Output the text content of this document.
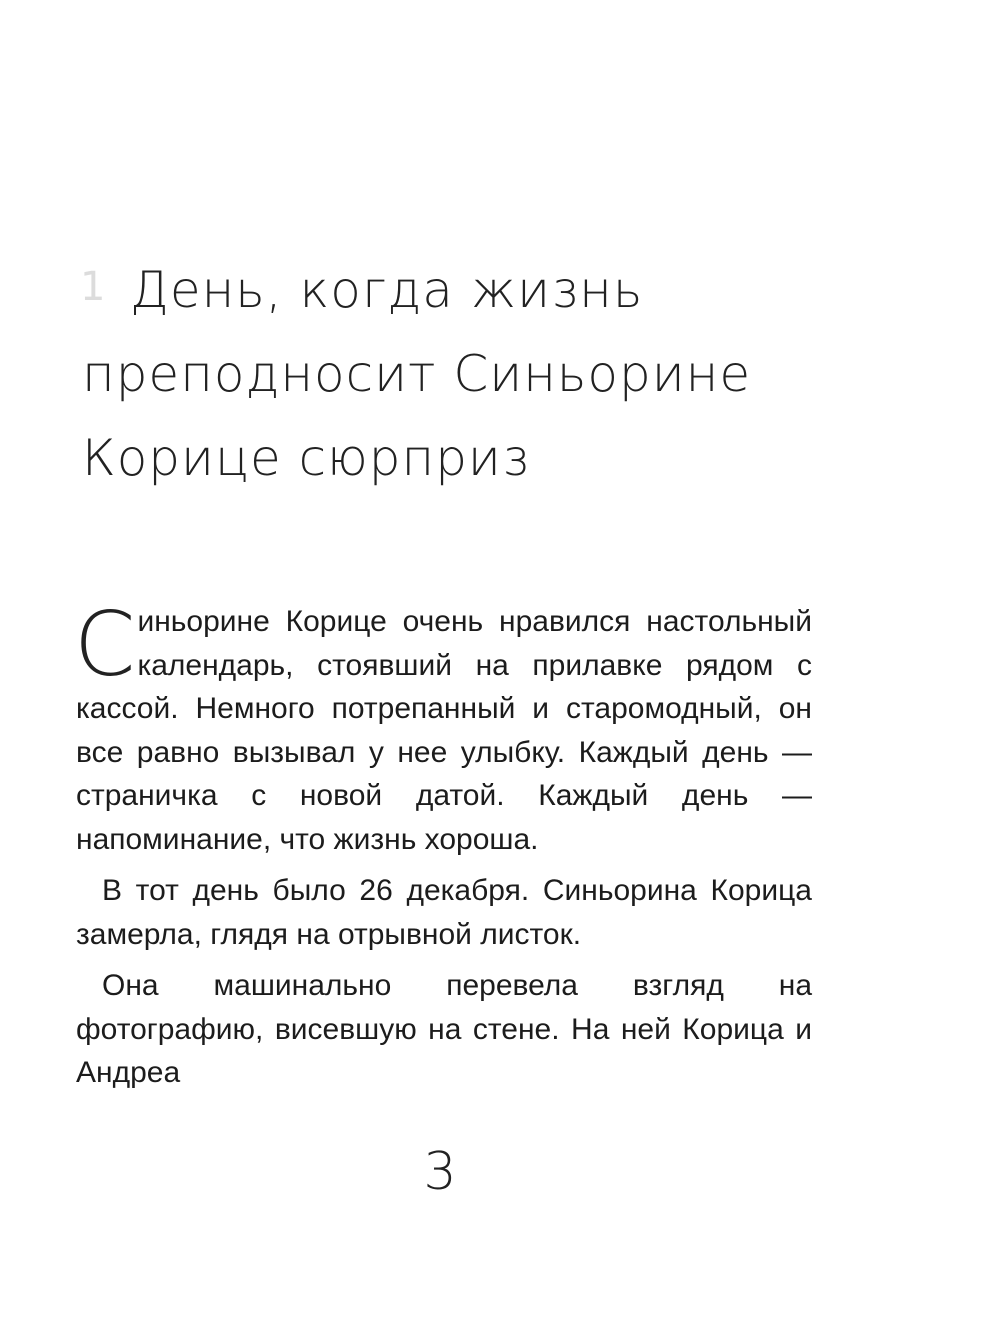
1 День, когда жизнь
преподносит Синьорине
Корице сюрприз

Синьорине Корице очень нравился настольный календарь, стоявший на прилавке рядом с кассой. Немного потрепанный и старомодный, он все равно вызывал у нее улыбку. Каждый день — страничка с новой датой. Каждый день — напоминание, что жизнь хороша.

В тот день было 26 декабря. Синьорина Корица замерла, глядя на отрывной листок.

Она машинально перевела взгляд на фотографию, висевшую на стене. На ней Корица и Андреа

3
